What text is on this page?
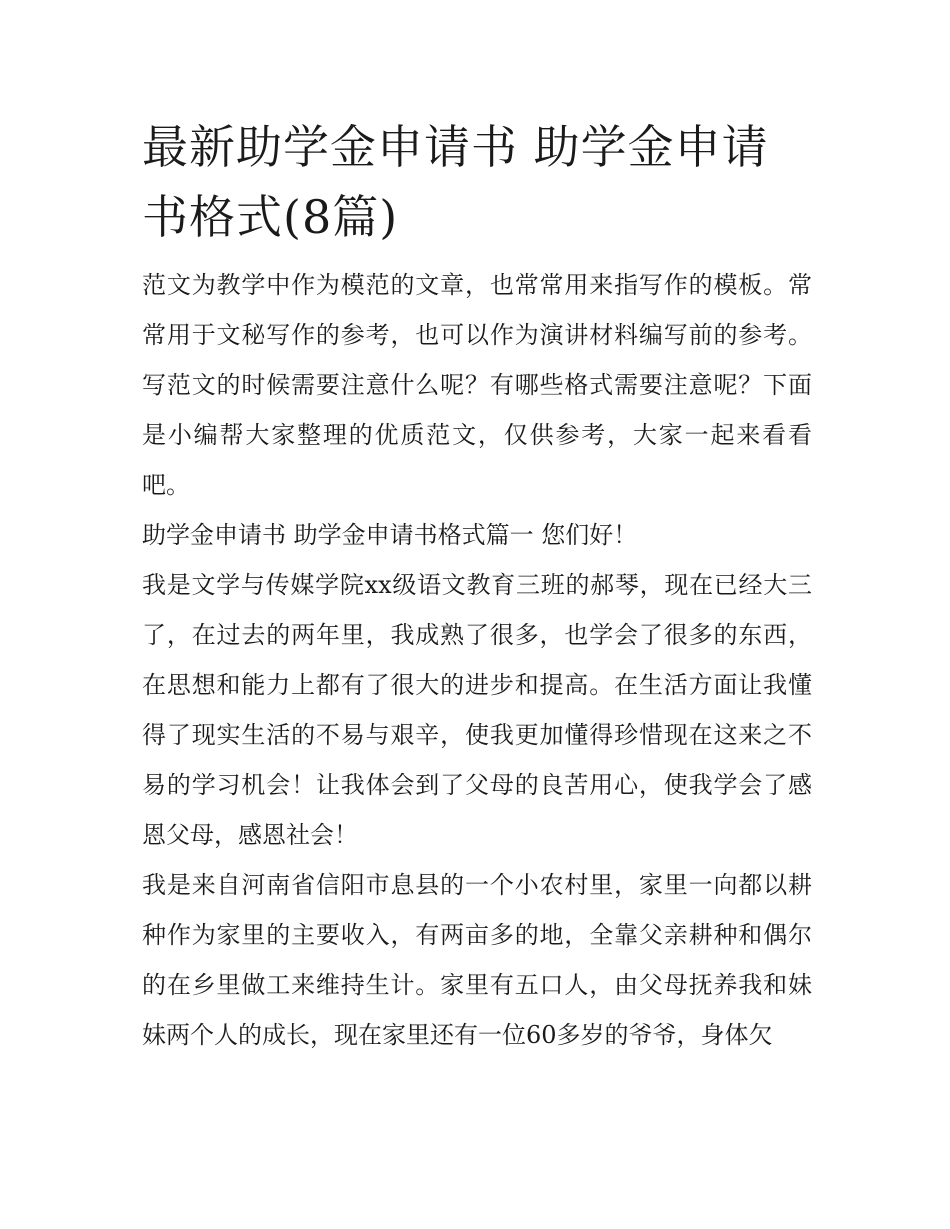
最新助学金申请书 助学金申请书格式(8篇)

范文为教学中作为模范的文章，也常常用来指写作的模板。常常用于文秘写作的参考，也可以作为演讲材料编写前的参考。写范文的时候需要注意什么呢？有哪些格式需要注意呢？下面是小编帮大家整理的优质范文，仅供参考，大家一起来看看吧。

助学金申请书 助学金申请书格式篇一 您们好！

我是文学与传媒学院xx级语文教育三班的郝琴，现在已经大三了，在过去的两年里，我成熟了很多，也学会了很多的东西，在思想和能力上都有了很大的进步和提高。在生活方面让我懂得了现实生活的不易与艰辛，使我更加懂得珍惜现在这来之不易的学习机会！让我体会到了父母的良苦用心，使我学会了感恩父母，感恩社会！

我是来自河南省信阳市息县的一个小农村里，家里一向都以耕种作为家里的主要收入，有两亩多的地，全靠父亲耕种和偶尔的在乡里做工来维持生计。家里有五口人，由父母抚养我和妹妹两个人的成长，现在家里还有一位60多岁的爷爷，身体欠
